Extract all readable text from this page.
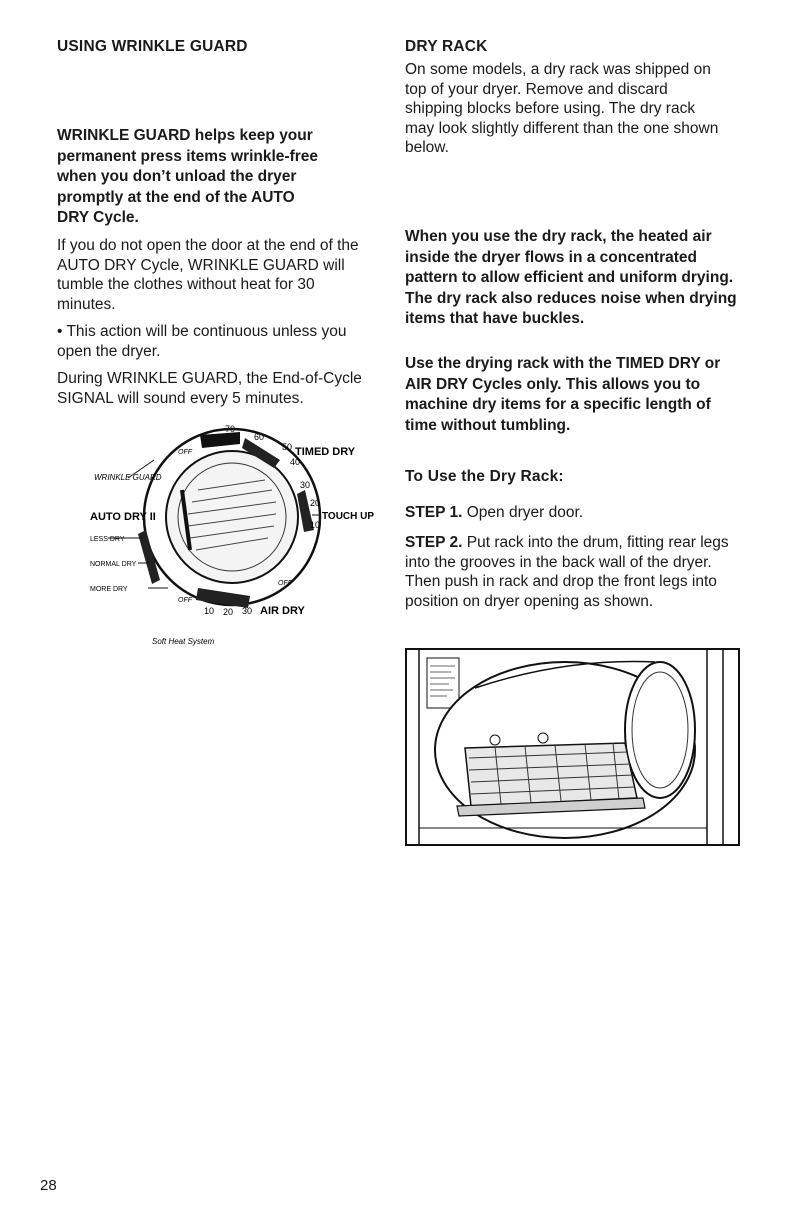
USING WRINKLE GUARD

WRINKLE GUARD helps keep your permanent press items wrinkle-free when you don’t unload the dryer promptly at the end of the AUTO DRY Cycle.

If you do not open the door at the end of the AUTO DRY Cycle, WRINKLE GUARD will tumble the clothes without heat for 30 minutes.

• This action will be continuous unless you open the dryer.

During WRINKLE GUARD, the End-of-Cycle SIGNAL will sound every 5 minutes.

70
60
50
40
30
20
10
OFF
OFF
OFF
TIMED DRY
TOUCH UP
AIR DRY
10 20 30
WRINKLE GUARD
AUTO DRY II
LESS DRY
NORMAL DRY
MORE DRY
Soft Heat System
DRY RACK

On some models, a dry rack was shipped on top of your dryer. Remove and discard shipping blocks before using. The dry rack may look slightly different than the one shown below.

When you use the dry rack, the heated air inside the dryer flows in a concentrated pattern to allow efficient and uniform drying. The dry rack also reduces noise when drying items that have buckles.

Use the drying rack with the TIMED DRY or AIR DRY Cycles only. This allows you to machine dry items for a specific length of time without tumbling.

To Use the Dry Rack:

STEP 1. Open dryer door.

STEP 2. Put rack into the drum, fitting rear legs into the grooves in the back wall of the dryer. Then push in rack and drop the front legs into position on dryer opening as shown.

28
